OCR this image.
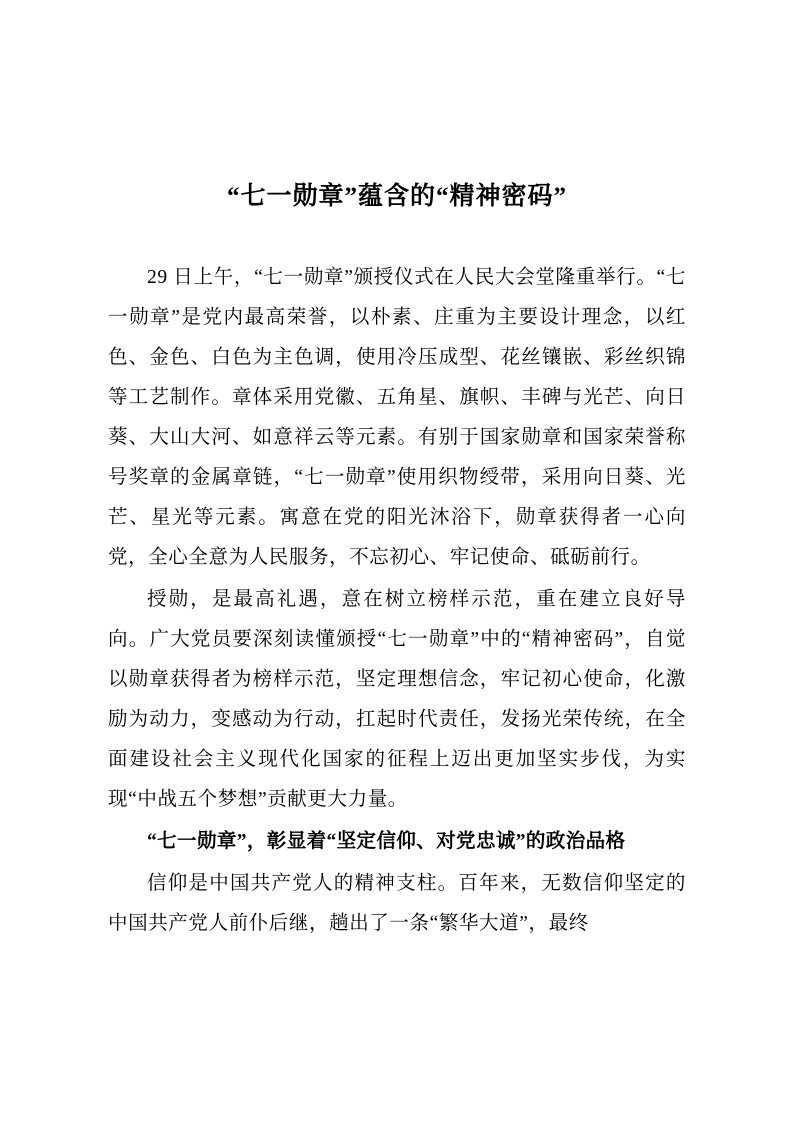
“七一勋章”蕴含的“精神密码”

29 日上午，“七一勋章”颁授仪式在人民大会堂隆重举行。“七一勋章”是党内最高荣誉，以朴素、庄重为主要设计理念，以红色、金色、白色为主色调，使用冷压成型、花丝镶嵌、彩丝织锦等工艺制作。章体采用党徽、五角星、旗帜、丰碑与光芒、向日葵、大山大河、如意祥云等元素。有别于国家勋章和国家荣誉称号奖章的金属章链，“七一勋章”使用织物绶带，采用向日葵、光芒、星光等元素。寓意在党的阳光沐浴下，勋章获得者一心向党，全心全意为人民服务，不忘初心、牢记使命、砥砺前行。

授勋，是最高礼遇，意在树立榜样示范，重在建立良好导向。广大党员要深刻读懂颁授“七一勋章”中的“精神密码”，自觉以勋章获得者为榜样示范，坚定理想信念，牢记初心使命，化激励为动力，变感动为行动，扛起时代责任，发扬光荣传统，在全面建设社会主义现代化国家的征程上迈出更加坚实步伐，为实现“中战五个梦想”贡献更大力量。

“七一勋章”，彰显着“坚定信仰、对党忠诚”的政治品格

信仰是中国共产党人的精神支柱。百年来，无数信仰坚定的中国共产党人前仆后继，趟出了一条“繁华大道”，最终
